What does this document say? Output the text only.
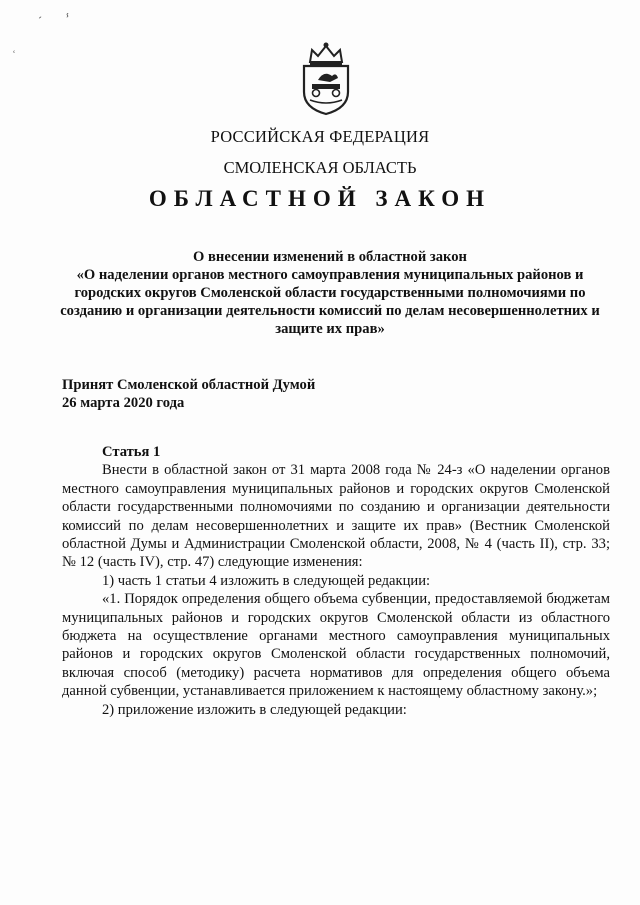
ˊ ⸯ
ʿ
РОССИЙСКАЯ ФЕДЕРАЦИЯ
СМОЛЕНСКАЯ ОБЛАСТЬ
ОБЛАСТНОЙ ЗАКОН
О внесении изменений в областной закон
«О наделении органов местного самоуправления муниципальных районов и городских округов Смоленской области государственными полномочиями по созданию и организации деятельности комиссий по делам несовершеннолетних и защите их прав»
Принят Смоленской областной Думой
26 марта 2020 года
Статья 1

Внести в областной закон от 31 марта 2008 года № 24-з «О наделении органов местного самоуправления муниципальных районов и городских округов Смоленской области государственными полномочиями по созданию и организации деятельности комиссий по делам несовершеннолетних и защите их прав» (Вестник Смоленской областной Думы и Администрации Смоленской области, 2008, № 4 (часть II), стр. 33; № 12 (часть IV), стр. 47) следующие изменения:

1) часть 1 статьи 4 изложить в следующей редакции:

«1. Порядок определения общего объема субвенции, предоставляемой бюджетам муниципальных районов и городских округов Смоленской области из областного бюджета на осуществление органами местного самоуправления муниципальных районов и городских округов Смоленской области государственных полномочий, включая способ (методику) расчета нормативов для определения общего объема данной субвенции, устанавливается приложением к настоящему областному закону.»;

2) приложение изложить в следующей редакции:
